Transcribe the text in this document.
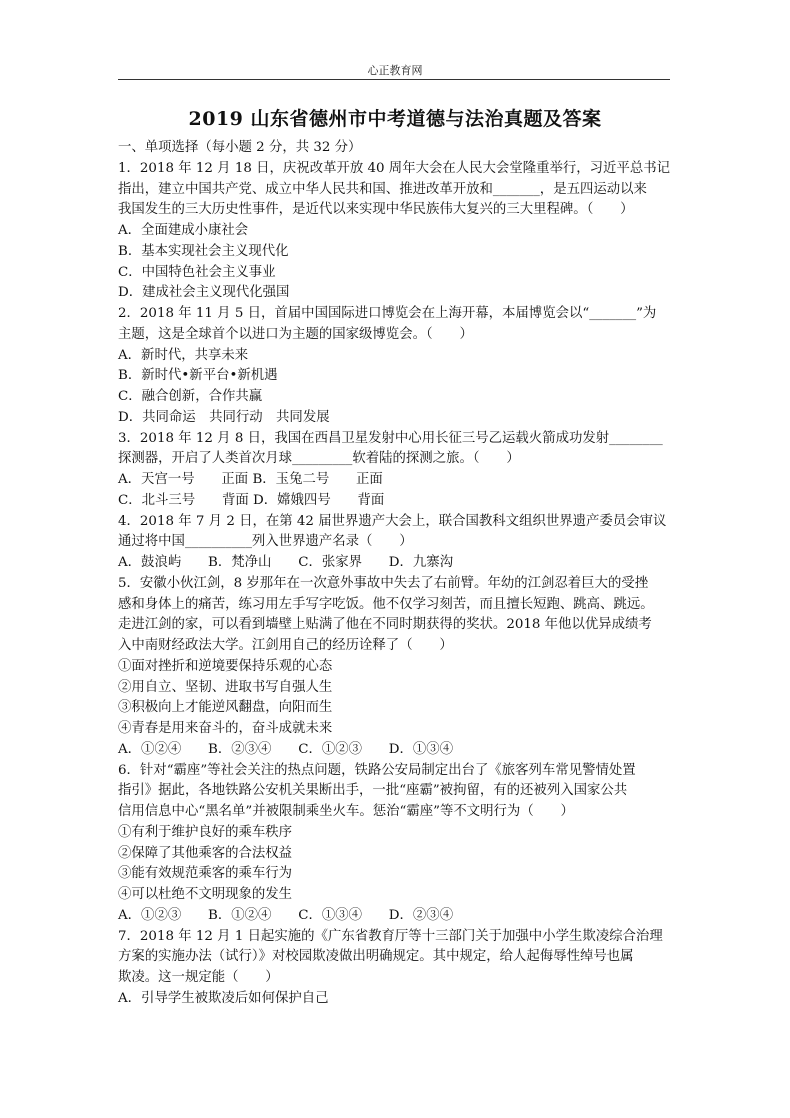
心正教育网
2019 山东省德州市中考道德与法治真题及答案
一、单项选择（每小题 2 分，共 32 分）
1．2018 年 12 月 18 日，庆祝改革开放 40 周年大会在人民大会堂隆重举行，习近平总书记
指出，建立中国共产党、成立中华人民共和国、推进改革开放和_______，是五四运动以来
我国发生的三大历史性事件，是近代以来实现中华民族伟大复兴的三大里程碑。（　　）
A．全面建成小康社会
B．基本实现社会主义现代化
C．中国特色社会主义事业
D．建成社会主义现代化强国
2．2018 年 11 月 5 日，首届中国国际进口博览会在上海开幕，本届博览会以“_______”为
主题，这是全球首个以进口为主题的国家级博览会。（　　）
A．新时代，共享未来
B．新时代•新平台•新机遇
C．融合创新，合作共赢
D．共同命运　共同行动　共同发展
3．2018 年 12 月 8 日，我国在西昌卫星发射中心用长征三号乙运载火箭成功发射________
探测器，开启了人类首次月球_________软着陆的探测之旅。（　　）
A．天宫一号　　正面 B．玉兔二号　　正面
C．北斗三号　　背面 D．嫦娥四号　　背面
4．2018 年 7 月 2 日，在第 42 届世界遗产大会上，联合国教科文组织世界遗产委员会审议
通过将中国__________列入世界遗产名录（　　）
A．鼓浪屿　　B．梵净山　　C．张家界　　D．九寨沟
5．安徽小伙江剑，8 岁那年在一次意外事故中失去了右前臂。年幼的江剑忍着巨大的受挫
感和身体上的痛苦，练习用左手写字吃饭。他不仅学习刻苦，而且擅长短跑、跳高、跳远。
走进江剑的家，可以看到墙壁上贴满了他在不同时期获得的奖状。2018 年他以优异成绩考
入中南财经政法大学。江剑用自己的经历诠释了（　　）
①面对挫折和逆境要保持乐观的心态
②用自立、坚韧、进取书写自强人生
③积极向上才能逆风翻盘，向阳而生
④青春是用来奋斗的，奋斗成就未来
A．①②④　　B．②③④　　C．①②③　　D．①③④
6．针对“霸座”等社会关注的热点问题，铁路公安局制定出台了《旅客列车常见警情处置
指引》据此，各地铁路公安机关果断出手，一批“座霸”被拘留，有的还被列入国家公共
信用信息中心“黑名单”并被限制乘坐火车。惩治“霸座”等不文明行为（　　）
①有利于维护良好的乘车秩序
②保障了其他乘客的合法权益
③能有效规范乘客的乘车行为
④可以杜绝不文明现象的发生
A．①②③　　B．①②④　　C．①③④　　D．②③④
7．2018 年 12 月 1 日起实施的《广东省教育厅等十三部门关于加强中小学生欺凌综合治理
方案的实施办法（试行）》对校园欺凌做出明确规定。其中规定，给人起侮辱性绰号也属
欺凌。这一规定能（　　）
A．引导学生被欺凌后如何保护自己
